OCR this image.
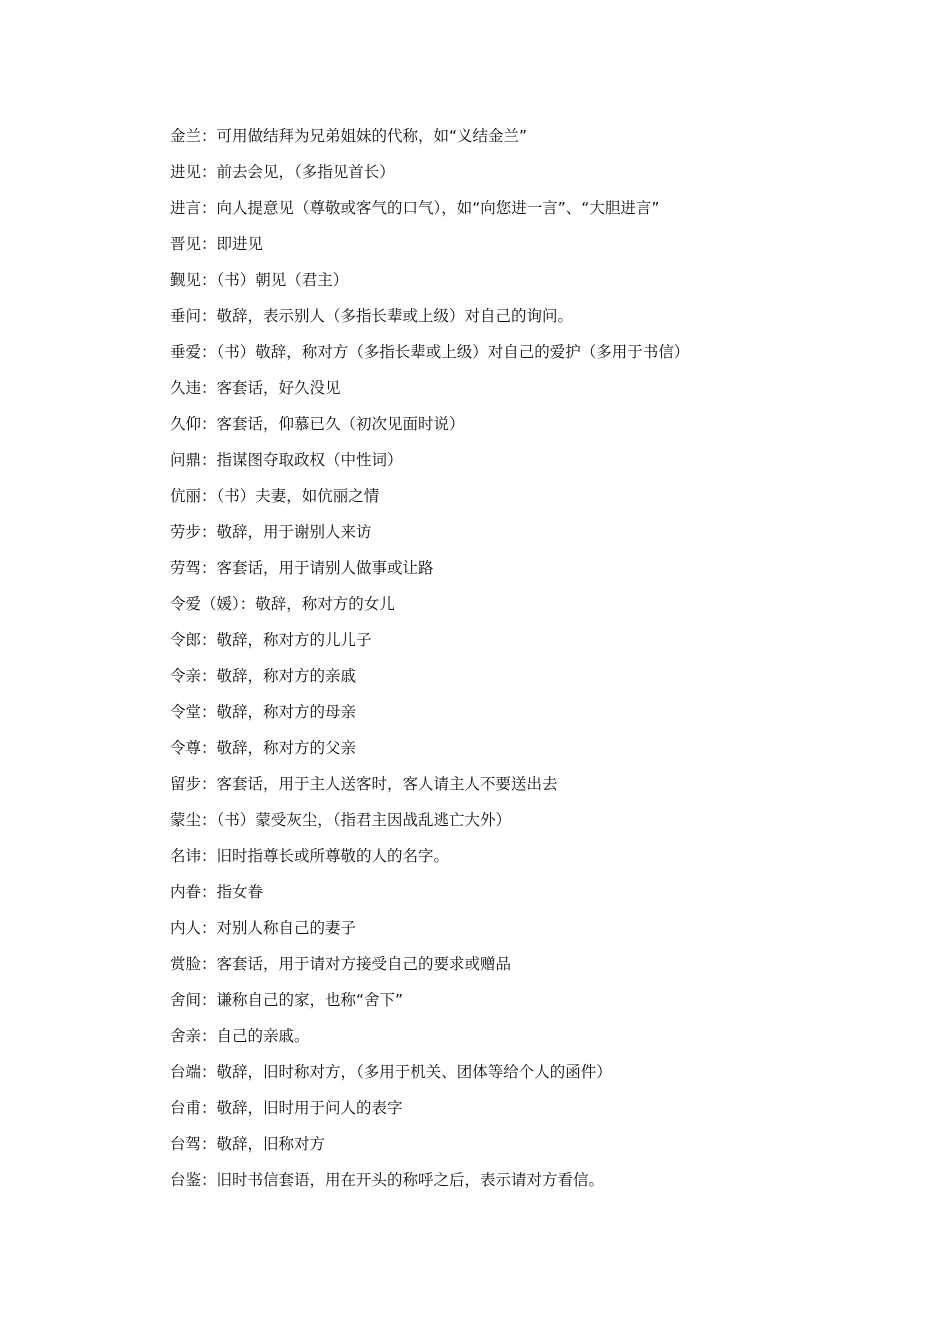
金兰：可用做结拜为兄弟姐妹的代称，如“义结金兰”
进见：前去会见，（多指见首长）
进言：向人提意见（尊敬或客气的口气），如“向您进一言”、“大胆进言”
晋见：即进见
觐见：（书）朝见（君主）
垂问：敬辞，表示别人（多指长辈或上级）对自己的询问。
垂爱：（书）敬辞，称对方（多指长辈或上级）对自己的爱护（多用于书信）
久违：客套话，好久没见
久仰：客套话，仰慕已久（初次见面时说）
问鼎：指谋图夺取政权（中性词）
伉丽：（书）夫妻，如伉丽之情
劳步：敬辞，用于谢别人来访
劳驾：客套话，用于请别人做事或让路
令爱（媛）：敬辞，称对方的女儿
令郎：敬辞，称对方的儿儿子
令亲：敬辞，称对方的亲戚
令堂：敬辞，称对方的母亲
令尊：敬辞，称对方的父亲
留步：客套话，用于主人送客时，客人请主人不要送出去
蒙尘：（书）蒙受灰尘，（指君主因战乱逃亡大外）
名讳：旧时指尊长或所尊敬的人的名字。
内眷：指女眷
内人：对别人称自己的妻子
赏脸：客套话，用于请对方接受自己的要求或赠品
舍间：谦称自己的家，也称“舍下”
舍亲：自己的亲戚。
台端：敬辞，旧时称对方，（多用于机关、团体等给个人的函件）
台甫：敬辞，旧时用于问人的表字
台驾：敬辞，旧称对方
台鉴：旧时书信套语，用在开头的称呼之后，表示请对方看信。
